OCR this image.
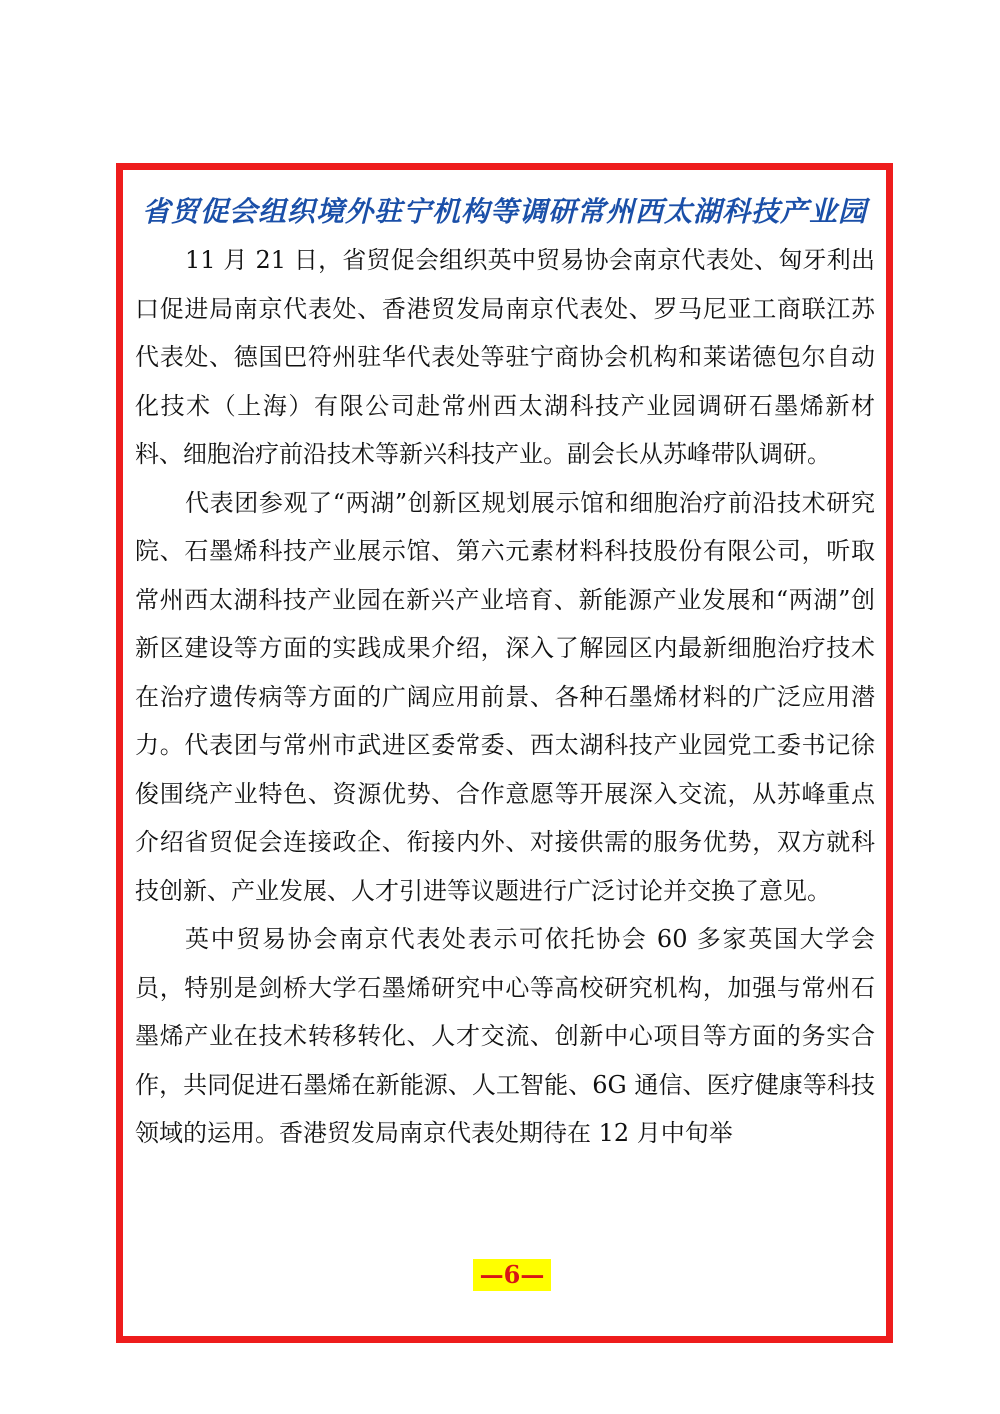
省贸促会组织境外驻宁机构等调研常州西太湖科技产业园

11 月 21 日，省贸促会组织英中贸易协会南京代表处、匈牙利出口促进局南京代表处、香港贸发局南京代表处、罗马尼亚工商联江苏代表处、德国巴符州驻华代表处等驻宁商协会机构和莱诺德包尔自动化技术（上海）有限公司赴常州西太湖科技产业园调研石墨烯新材料、细胞治疗前沿技术等新兴科技产业。副会长从苏峰带队调研。

代表团参观了“两湖”创新区规划展示馆和细胞治疗前沿技术研究院、石墨烯科技产业展示馆、第六元素材料科技股份有限公司，听取常州西太湖科技产业园在新兴产业培育、新能源产业发展和“两湖”创新区建设等方面的实践成果介绍，深入了解园区内最新细胞治疗技术在治疗遗传病等方面的广阔应用前景、各种石墨烯材料的广泛应用潜力。代表团与常州市武进区委常委、西太湖科技产业园党工委书记徐俊围绕产业特色、资源优势、合作意愿等开展深入交流，从苏峰重点介绍省贸促会连接政企、衔接内外、对接供需的服务优势，双方就科技创新、产业发展、人才引进等议题进行广泛讨论并交换了意见。

英中贸易协会南京代表处表示可依托协会 60 多家英国大学会员，特别是剑桥大学石墨烯研究中心等高校研究机构，加强与常州石墨烯产业在技术转移转化、人才交流、创新中心项目等方面的务实合作，共同促进石墨烯在新能源、人工智能、6G 通信、医疗健康等科技领域的运用。香港贸发局南京代表处期待在 12 月中旬举

—6—
